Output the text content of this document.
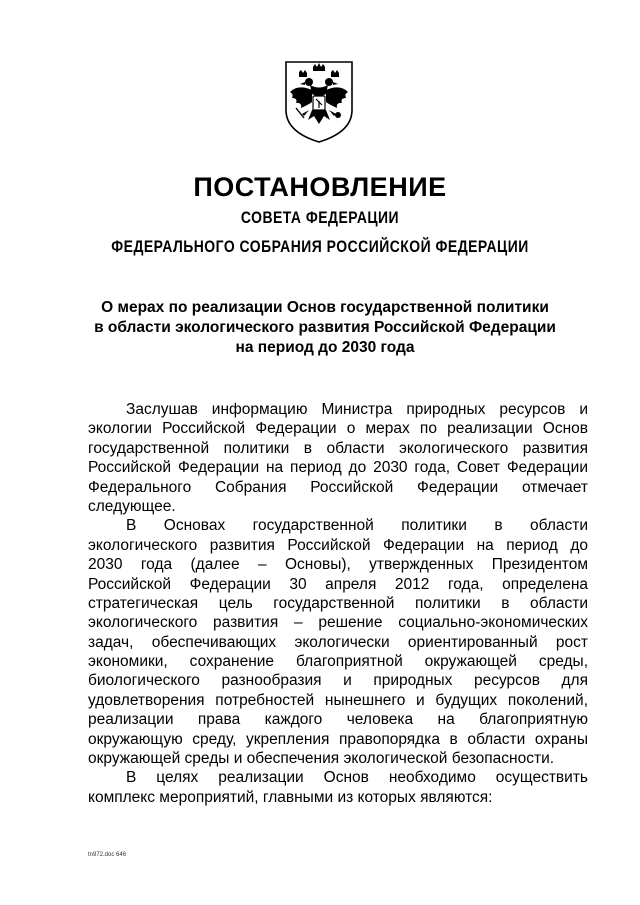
ПОСТАНОВЛЕНИЕ
СОВЕТА ФЕДЕРАЦИИ
ФЕДЕРАЛЬНОГО СОБРАНИЯ РОССИЙСКОЙ ФЕДЕРАЦИИ
О мерах по реализации Основ государственной политики
в области экологического развития Российской Федерации
на период до 2030 года
Заслушав информацию Министра природных ресурсов и
экологии Российской Федерации о мерах по реализации Основ
государственной политики в области экологического развития
Российской Федерации на период до 2030 года, Совет Федерации
Федерального Собрания Российской Федерации отмечает
следующее.
В Основах государственной политики в области
экологического развития Российской Федерации на период до
2030 года (далее – Основы), утвержденных Президентом
Российской Федерации 30 апреля 2012 года, определена
стратегическая цель государственной политики в области
экологического развития – решение социально-экономических
задач, обеспечивающих экологически ориентированный рост
экономики, сохранение благоприятной окружающей среды,
биологического разнообразия и природных ресурсов для
удовлетворения потребностей нынешнего и будущих поколений,
реализации права каждого человека на благоприятную
окружающую среду, укрепления правопорядка в области охраны
окружающей среды и обеспечения экологической безопасности.
В целях реализации Основ необходимо осуществить
комплекс мероприятий, главными из которых являются:
tn972.doc 646
